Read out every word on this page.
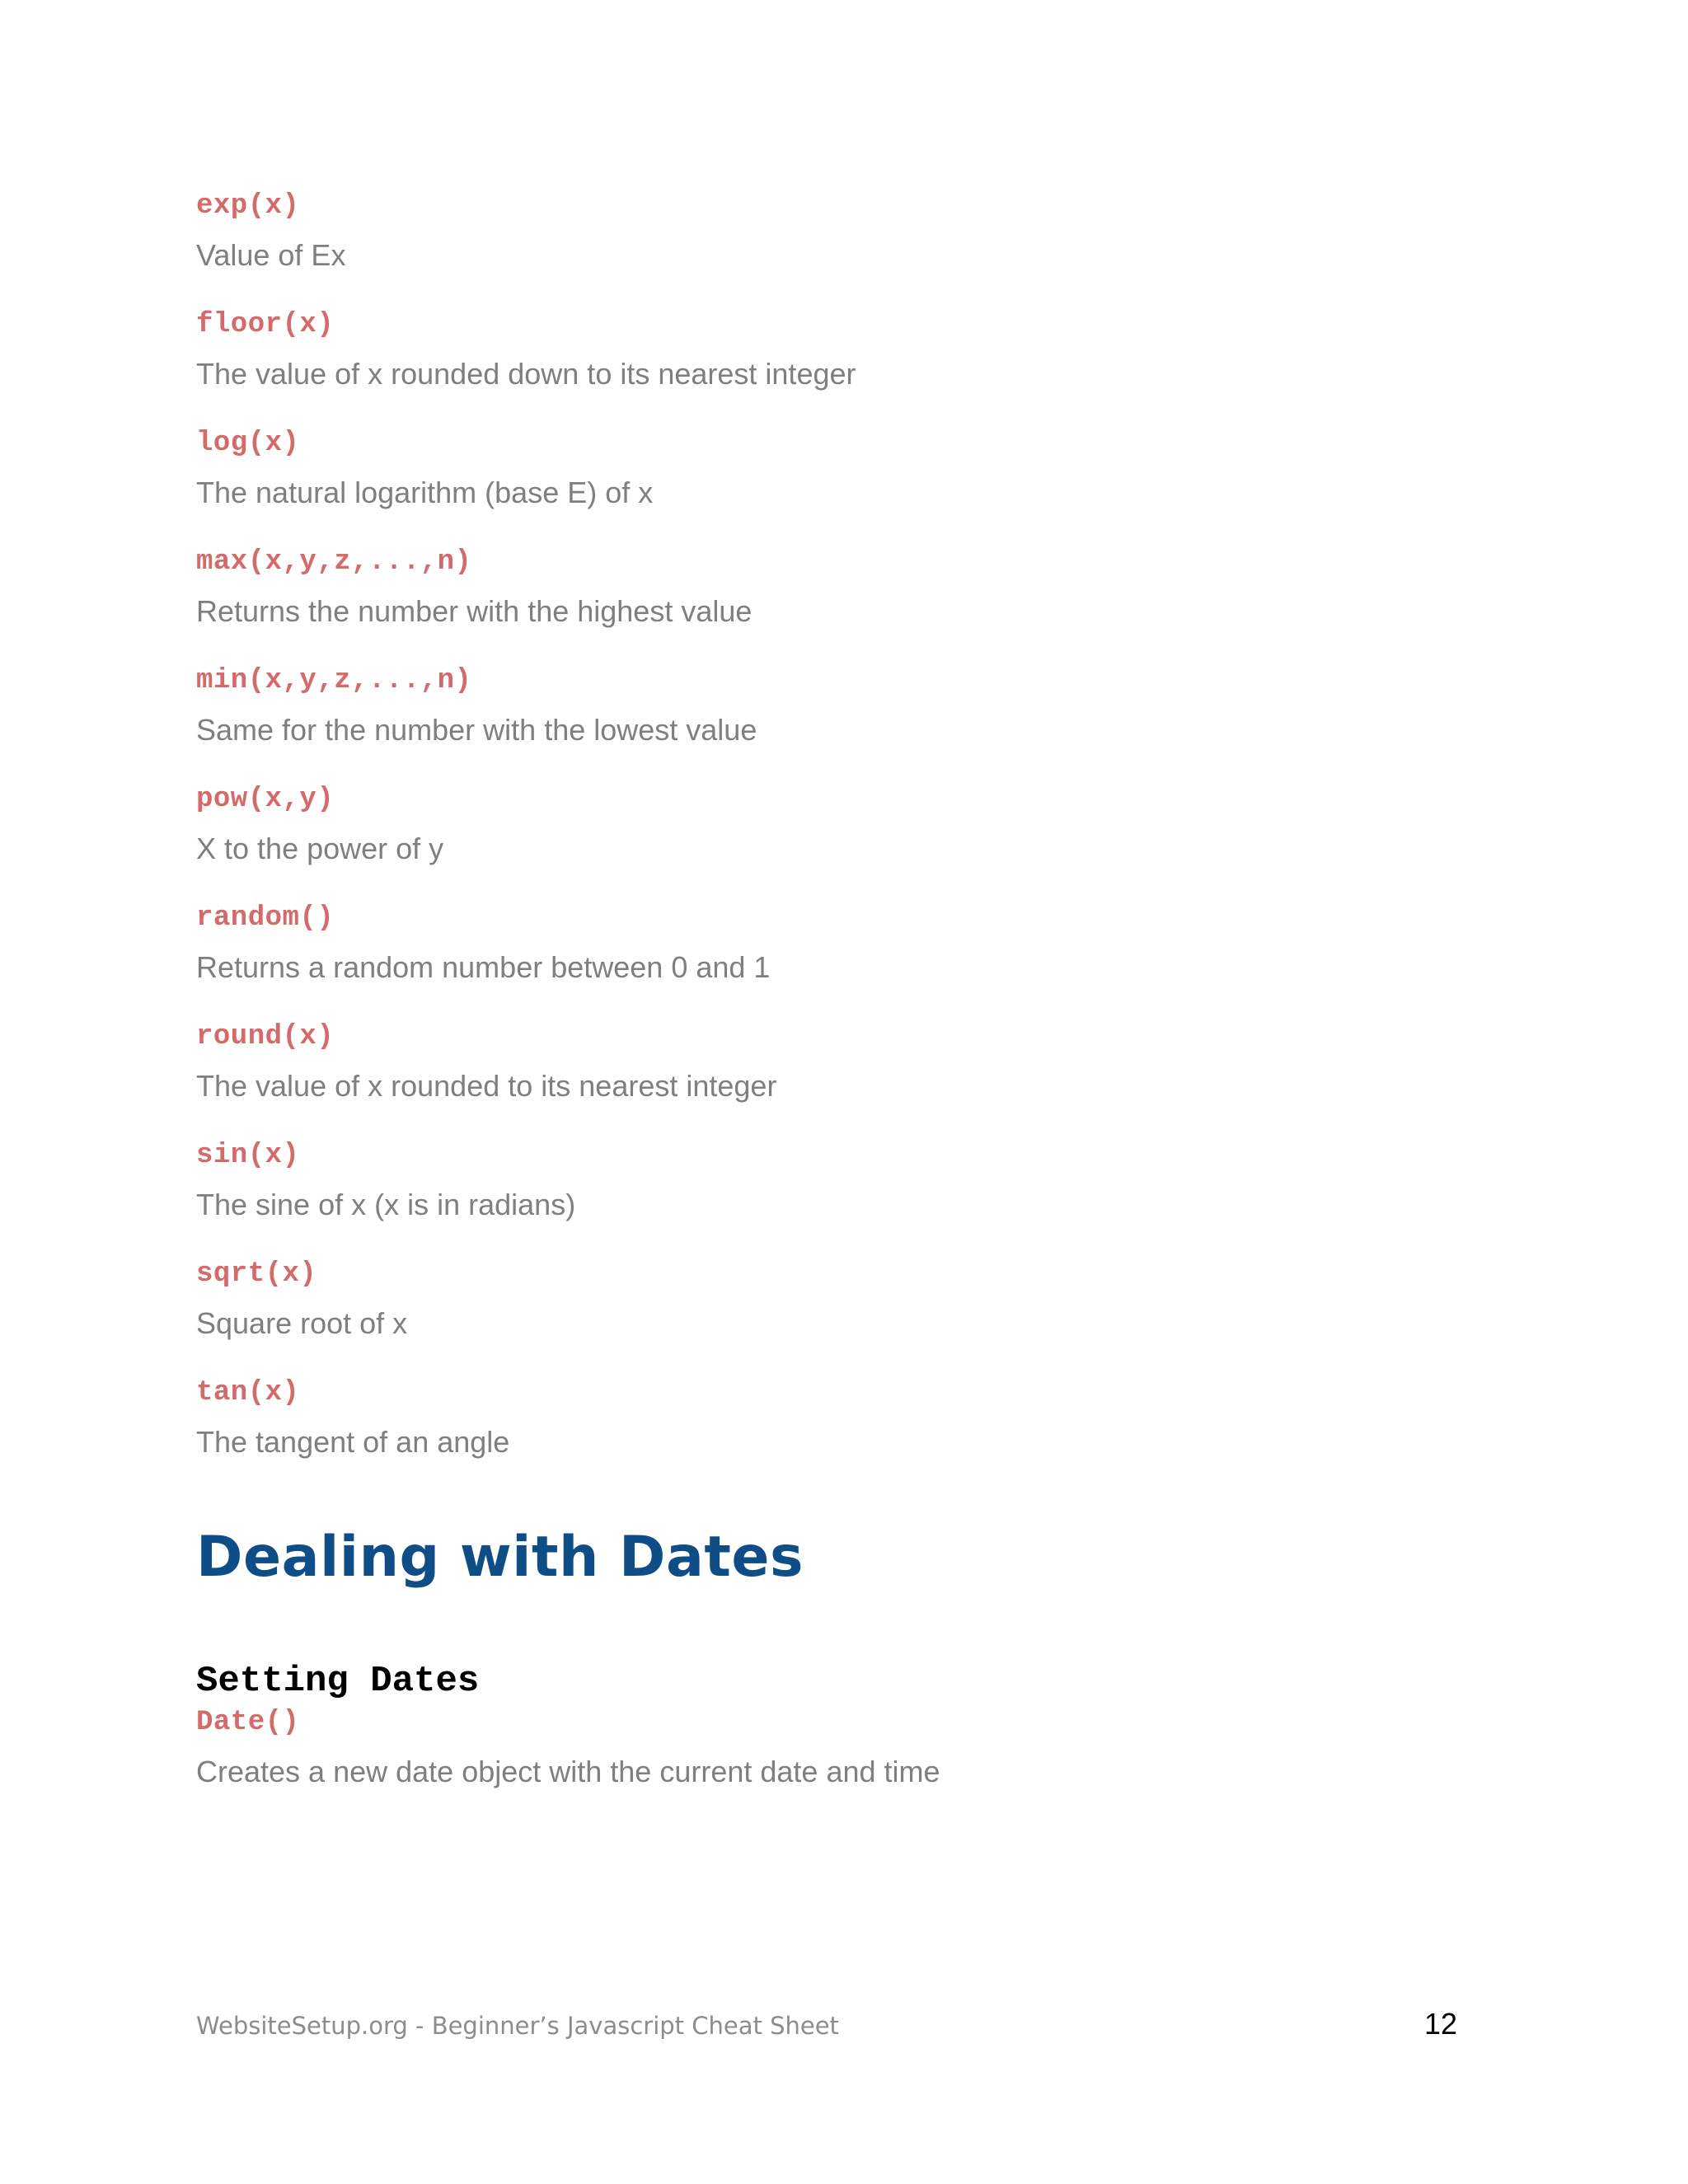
exp(x)
Value of Ex
floor(x)
The value of x rounded down to its nearest integer
log(x)
The natural logarithm (base E) of x
max(x,y,z,...,n)
Returns the number with the highest value
min(x,y,z,...,n)
Same for the number with the lowest value
pow(x,y)
X to the power of y
random()
Returns a random number between 0 and 1
round(x)
The value of x rounded to its nearest integer
sin(x)
The sine of x (x is in radians)
sqrt(x)
Square root of x
tan(x)
The tangent of an angle
Dealing with Dates
Setting Dates
Date()
Creates a new date object with the current date and time
WebsiteSetup.org - Beginner’s Javascript Cheat Sheet	12
